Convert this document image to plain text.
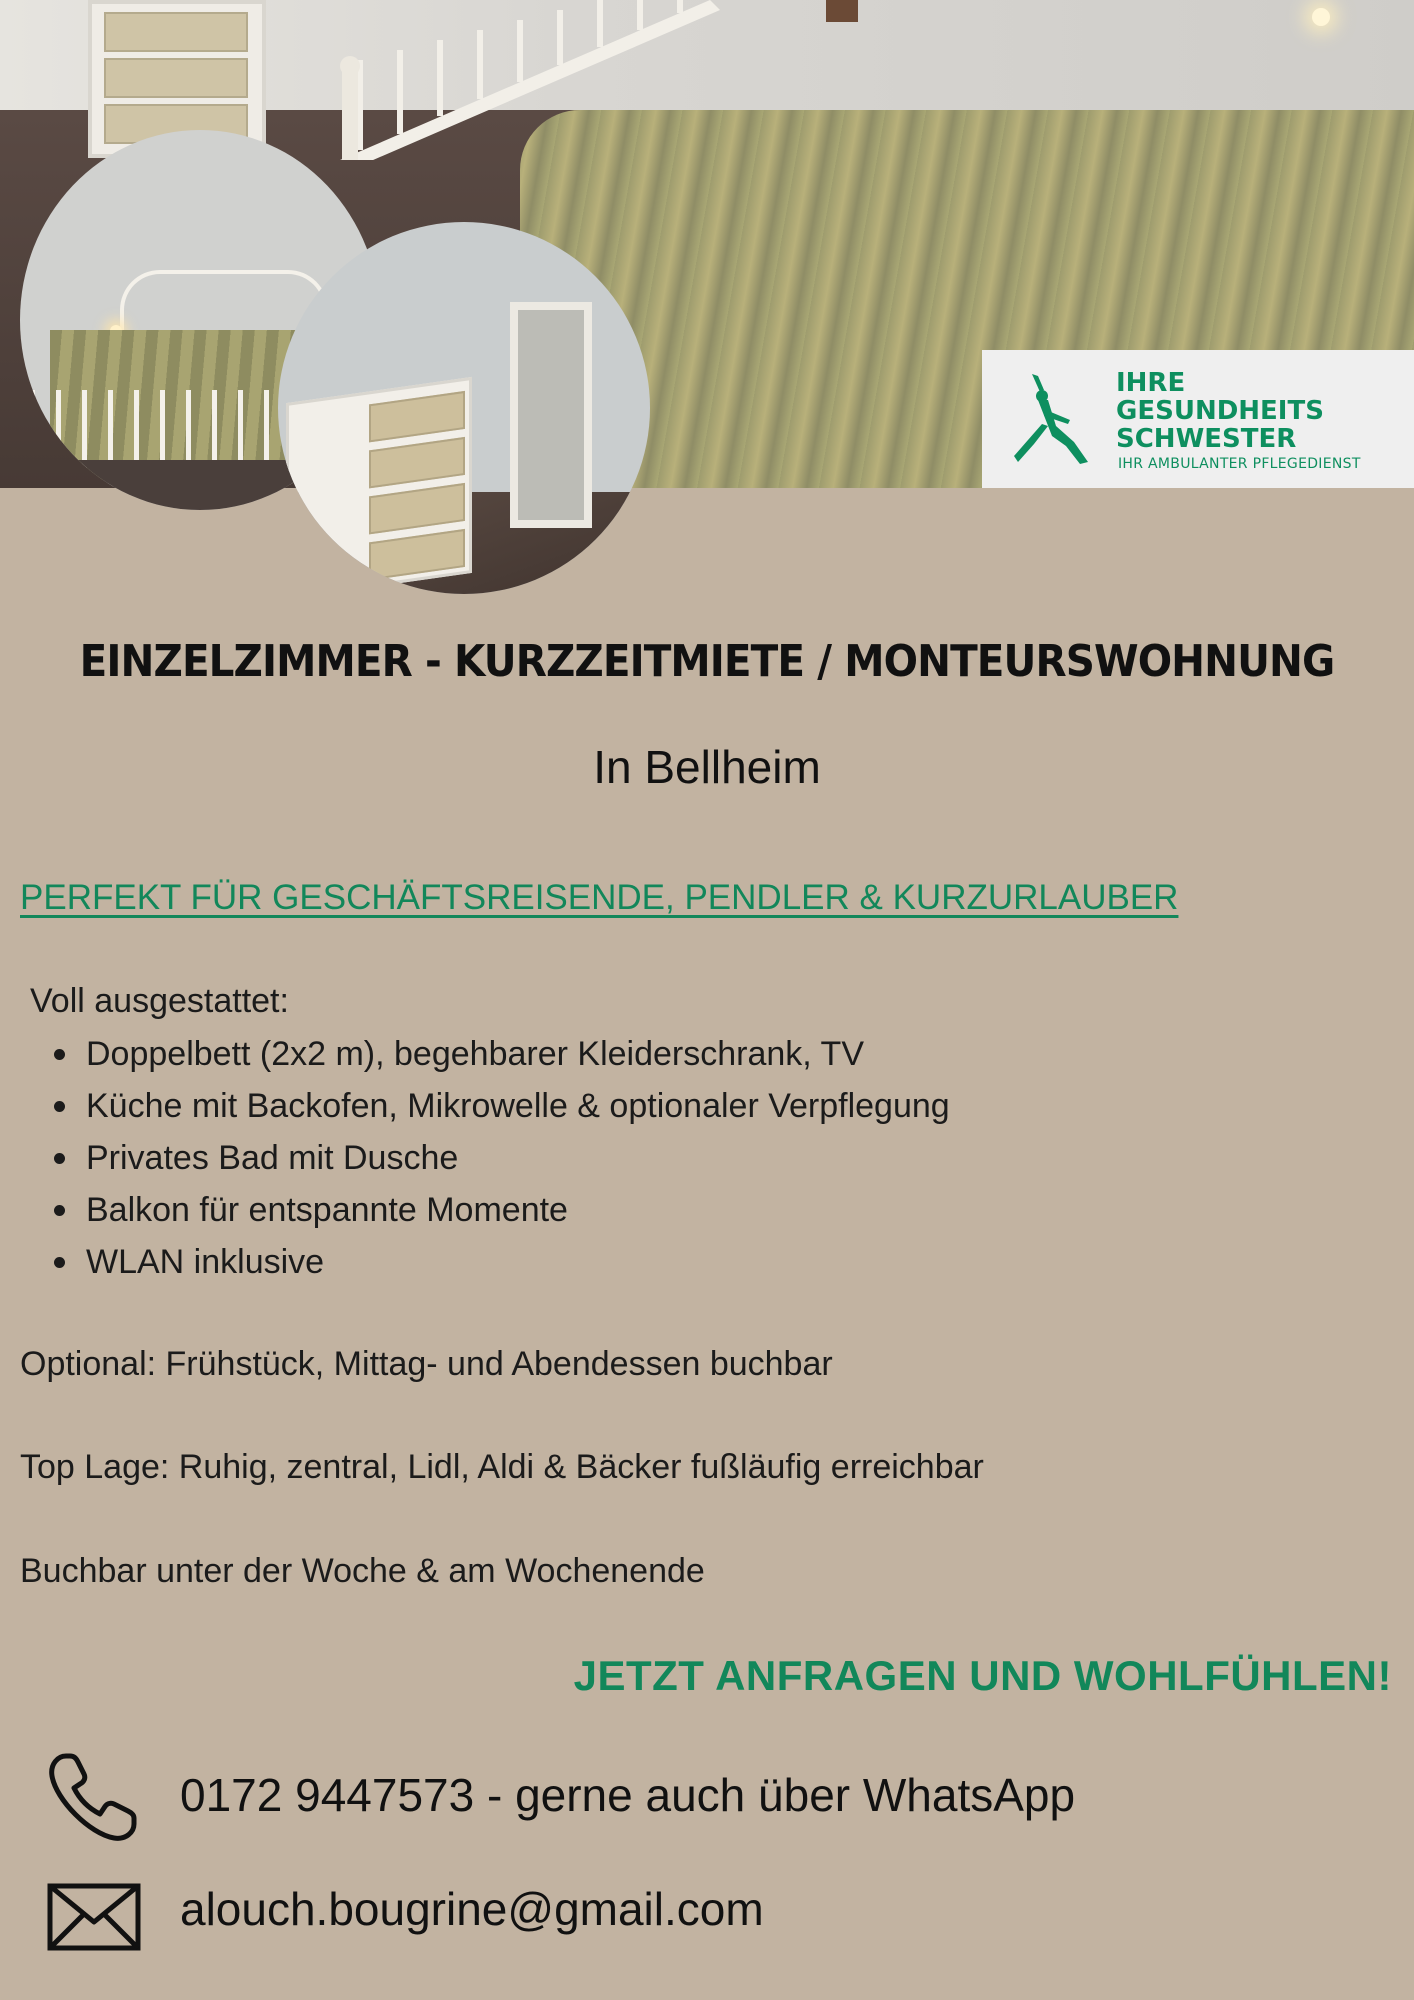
IHRE
GESUNDHEITS
SCHWESTER
IHR AMBULANTER PFLEGEDIENST
EINZELZIMMER - KURZZEITMIETE / MONTEURSWOHNUNG
In Bellheim
PERFEKT FÜR GESCHÄFTSREISENDE, PENDLER & KURZURLAUBER
Voll ausgestattet:
Doppelbett (2x2 m), begehbarer Kleiderschrank, TV
Küche mit Backofen, Mikrowelle & optionaler Verpflegung
Privates Bad mit Dusche
Balkon für entspannte Momente
WLAN inklusive
Optional: Frühstück, Mittag- und Abendessen buchbar
Top Lage: Ruhig, zentral, Lidl, Aldi & Bäcker fußläufig erreichbar
Buchbar unter der Woche & am Wochenende
JETZT ANFRAGEN UND WOHLFÜHLEN!
0172 9447573 - gerne auch über WhatsApp
alouch.bougrine@gmail.com
